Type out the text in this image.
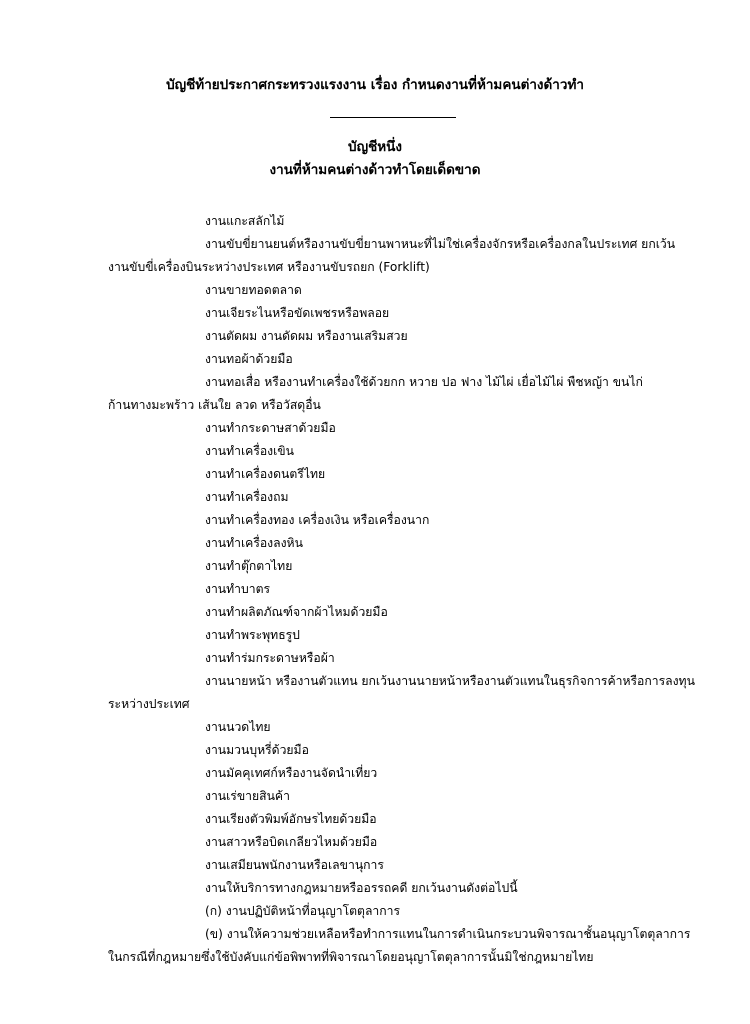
บัญชีท้ายประกาศกระทรวงแรงงาน เรื่อง กำหนดงานที่ห้ามคนต่างด้าวทำ
บัญชีหนึ่ง
งานที่ห้ามคนต่างด้าวทำโดยเด็ดขาด
งานแกะสลักไม้
งานขับขี่ยานยนต์หรืองานขับขี่ยานพาหนะที่ไม่ใช่เครื่องจักรหรือเครื่องกลในประเทศ ยกเว้น
งานขับขี่เครื่องบินระหว่างประเทศ หรืองานขับรถยก (Forklift)
งานขายทอดตลาด
งานเจียระไนหรือขัดเพชรหรือพลอย
งานตัดผม งานดัดผม หรืองานเสริมสวย
งานทอผ้าด้วยมือ
งานทอเสื่อ หรืองานทำเครื่องใช้ด้วยกก หวาย ปอ ฟาง ไม้ไผ่ เยื่อไม้ไผ่ พืชหญ้า ขนไก่
ก้านทางมะพร้าว เส้นใย ลวด หรือวัสดุอื่น
งานทำกระดาษสาด้วยมือ
งานทำเครื่องเขิน
งานทำเครื่องดนตรีไทย
งานทำเครื่องถม
งานทำเครื่องทอง เครื่องเงิน หรือเครื่องนาก
งานทำเครื่องลงหิน
งานทำตุ๊กตาไทย
งานทำบาตร
งานทำผลิตภัณฑ์จากผ้าไหมด้วยมือ
งานทำพระพุทธรูป
งานทำร่มกระดาษหรือผ้า
งานนายหน้า หรืองานตัวแทน ยกเว้นงานนายหน้าหรืองานตัวแทนในธุรกิจการค้าหรือการลงทุน
ระหว่างประเทศ
งานนวดไทย
งานมวนบุหรี่ด้วยมือ
งานมัคคุเทศก์หรืองานจัดนำเที่ยว
งานเร่ขายสินค้า
งานเรียงตัวพิมพ์อักษรไทยด้วยมือ
งานสาวหรือบิดเกลียวไหมด้วยมือ
งานเสมียนพนักงานหรือเลขานุการ
งานให้บริการทางกฎหมายหรืออรรถคดี ยกเว้นงานดังต่อไปนี้
(ก) งานปฏิบัติหน้าที่อนุญาโตตุลาการ
(ข) งานให้ความช่วยเหลือหรือทำการแทนในการดำเนินกระบวนพิจารณาชั้นอนุญาโตตุลาการ
ในกรณีที่กฎหมายซึ่งใช้บังคับแก่ข้อพิพาทที่พิจารณาโดยอนุญาโตตุลาการนั้นมิใช่กฎหมายไทย
